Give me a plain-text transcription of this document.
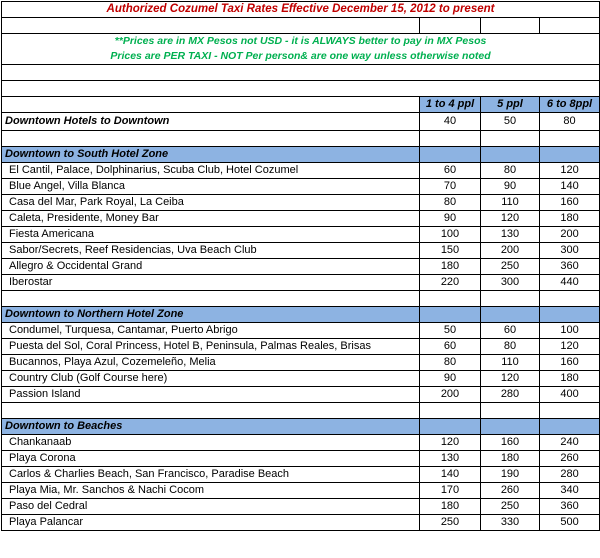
Authorized Cozumel Taxi Rates Effective December 15, 2012 to present			

**Prices are in MX Pesos not USD - it is ALWAYS better to pay in MX Pesos			
Prices are PER TAXI - NOT Per person& are one way unless otherwise noted			

	1 to 4 ppl	5 ppl	6 to 8ppl
Downtown Hotels to Downtown	40	50	80

Downtown to South Hotel Zone			
El Cantil, Palace, Dolphinarius, Scuba Club, Hotel Cozumel	60	80	120
Blue Angel, Villa Blanca	70	90	140
Casa del Mar, Park Royal, La Ceiba	80	110	160
Caleta, Presidente, Money Bar	90	120	180
Fiesta Americana	100	130	200
Sabor/Secrets, Reef Residencias, Uva Beach Club	150	200	300
Allegro & Occidental Grand	180	250	360
Iberostar	220	300	440

Downtown to Northern Hotel Zone			
Condumel, Turquesa, Cantamar, Puerto Abrigo	50	60	100
Puesta del Sol, Coral Princess, Hotel B, Peninsula, Palmas Reales, Brisas	60	80	120
Bucannos, Playa Azul, Cozemeleño, Melia	80	110	160
Country Club (Golf Course here)	90	120	180
Passion Island	200	280	400

Downtown to Beaches			
Chankanaab	120	160	240
Playa Corona	130	180	260
Carlos & Charlies Beach, San Francisco, Paradise Beach	140	190	280
Playa Mia, Mr. Sanchos & Nachi Cocom	170	260	340
Paso del Cedral	180	250	360
Playa Palancar	250	330	500
